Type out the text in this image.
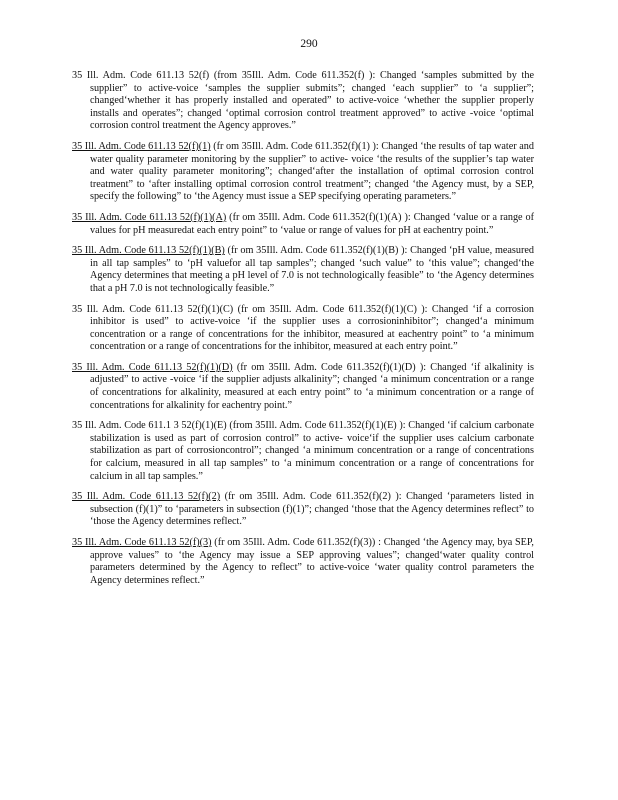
290

35 Ill. Adm. Code 611.13 52(f) (from 35Ill. Adm. Code 611.352(f) ): Changed ‘samples submitted by the supplier” to active-voice ‘samples the supplier submits”; changed ‘each supplier” to ‘a supplier”; changed‘whether it has properly installed and operated” to active-voice ‘whether the supplier properly installs and operates”; changed ‘optimal corrosion control treatment approved” to active -voice ‘optimal corrosion control treatment the Agency approves.”

35 Ill. Adm. Code 611.13 52(f)(1) (fr om 35Ill. Adm. Code 611.352(f)(1) ): Changed ‘the results of tap water and water quality parameter monitoring by the supplier” to active- voice ‘the results of the supplier’s tap water and water quality parameter monitoring”; changed‘after the installation of optimal corrosion control treatment” to ‘after installing optimal corrosion control treatment”; changed ‘the Agency must, by a SEP, specify the following” to ‘the Agency must issue a SEP specifying operating parameters.”

35 Ill. Adm. Code 611.13 52(f)(1)(A) (fr om 35Ill. Adm. Code 611.352(f)(1)(A) ): Changed ‘value or a range of values for pH measuredat each entry point” to ‘value or range of values for pH at eachentry point.”

35 Ill. Adm. Code 611.13 52(f)(1)(B) (fr om 35Ill. Adm. Code 611.352(f)(1)(B) ): Changed ‘pH value, measured in all tap samples” to ‘pH valuefor all tap samples”; changed ‘such value” to ‘this value”; changed‘the Agency determines that meeting a pH level of 7.0 is not technologically feasible” to ‘the Agency determines that a pH 7.0 is not technologically feasible.”

35 Ill. Adm. Code 611.13 52(f)(1)(C) (fr om 35Ill. Adm. Code 611.352(f)(1)(C) ): Changed ‘if a corrosion inhibitor is used” to active-voice ‘if the supplier uses a corrosioninhibitor”; changed‘a minimum concentration or a range of concentrations for the inhibitor, measured at eachentry point” to ‘a minimum concentration or a range of concentrations for the inhibitor, measured at each entry point.”

35 Ill. Adm. Code 611.13 52(f)(1)(D) (fr om 35Ill. Adm. Code 611.352(f)(1)(D) ): Changed ‘if alkalinity is adjusted” to active -voice ‘if the supplier adjusts alkalinity”; changed ‘a minimum concentration or a range of concentrations for alkalinity, measured at each entry point” to ‘a minimum concentration or a range of concentrations for alkalinity for eachentry point.”

35 Ill. Adm. Code 611.1 3 52(f)(1)(E) (from 35Ill. Adm. Code 611.352(f)(1)(E) ): Changed ‘if calcium carbonate stabilization is used as part of corrosion control” to active- voice‘if the supplier uses calcium carbonate stabilization as part of corrosioncontrol”; changed ‘a minimum concentration or a range of concentrations for calcium, measured in all tap samples” to ‘a minimum concentration or a range of concentrations for calcium in all tap samples.”

35 Ill. Adm. Code 611.13 52(f)(2) (fr om 35Ill. Adm. Code 611.352(f)(2) ): Changed ‘parameters listed in subsection (f)(1)” to ‘parameters in subsection (f)(1)”; changed ‘those that the Agency determines reflect” to ‘those the Agency determines reflect.”

35 Ill. Adm. Code 611.13 52(f)(3) (fr om 35Ill. Adm. Code 611.352(f)(3)) : Changed ‘the Agency may, bya SEP, approve values” to ‘the Agency may issue a SEP approving values”; changed‘water quality control parameters determined by the Agency to reflect” to active-voice ‘water quality control parameters the Agency determines reflect.”
